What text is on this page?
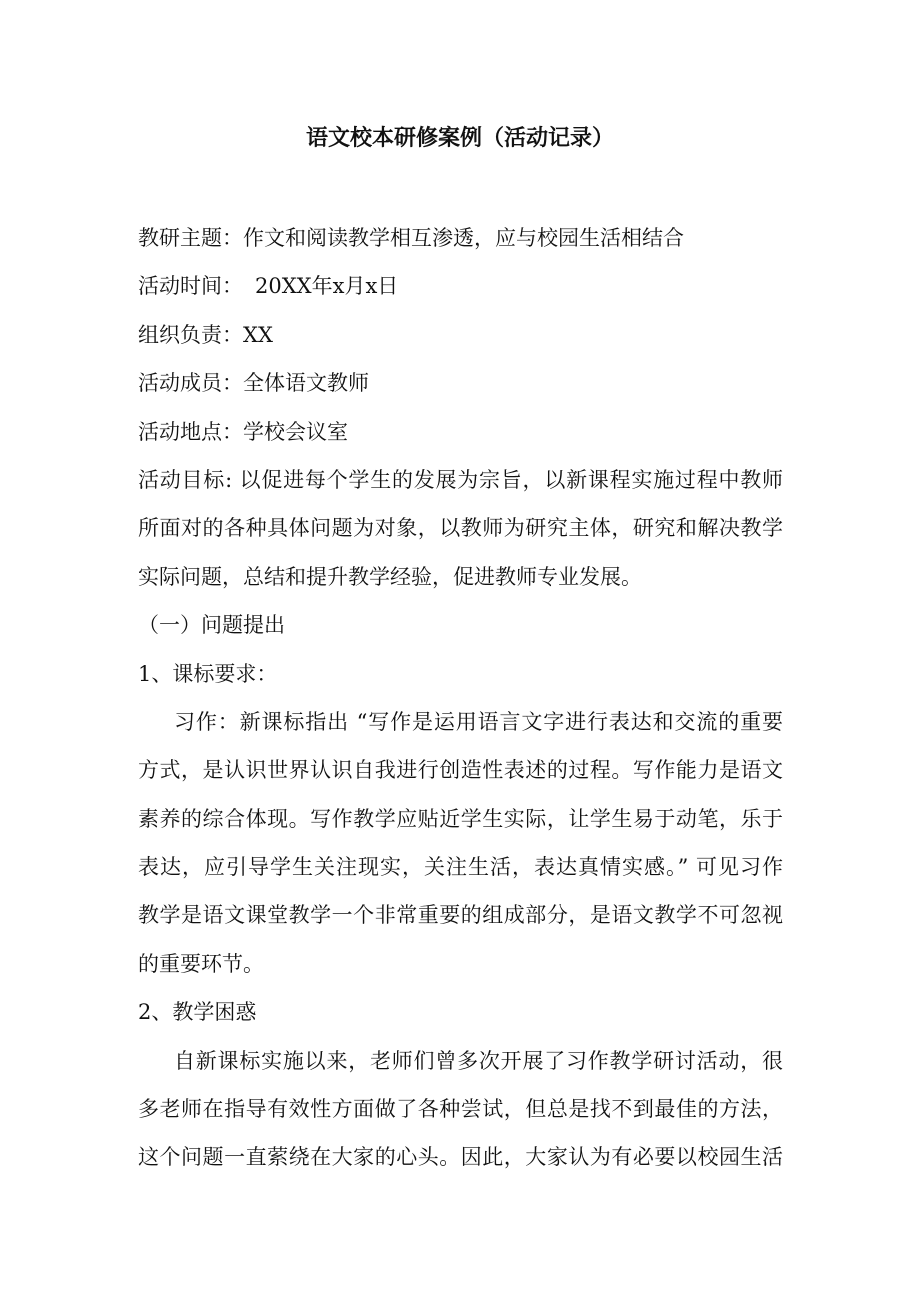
语文校本研修案例（活动记录）
教研主题：作文和阅读教学相互渗透，应与校园生活相结合
活动时间： 20XX年x月x日
组织负责：XX
活动成员：全体语文教师
活动地点：学校会议室
活动目标: 以促进每个学生的发展为宗旨，以新课程实施过程中教师
所面对的各种具体问题为对象，以教师为研究主体，研究和解决教学
实际问题，总结和提升教学经验，促进教师专业发展。
（一）问题提出
1、课标要求：
习作：新课标指出 “写作是运用语言文字进行表达和交流的重要
方式，是认识世界认识自我进行创造性表述的过程。写作能力是语文
素养的综合体现。写作教学应贴近学生实际，让学生易于动笔，乐于
表达，应引导学生关注现实，关注生活，表达真情实感。” 可见习作
教学是语文课堂教学一个非常重要的组成部分，是语文教学不可忽视
的重要环节。
2、教学困惑
自新课标实施以来，老师们曾多次开展了习作教学研讨活动，很
多老师在指导有效性方面做了各种尝试，但总是找不到最佳的方法，
这个问题一直萦绕在大家的心头。因此，大家认为有必要以校园生活
